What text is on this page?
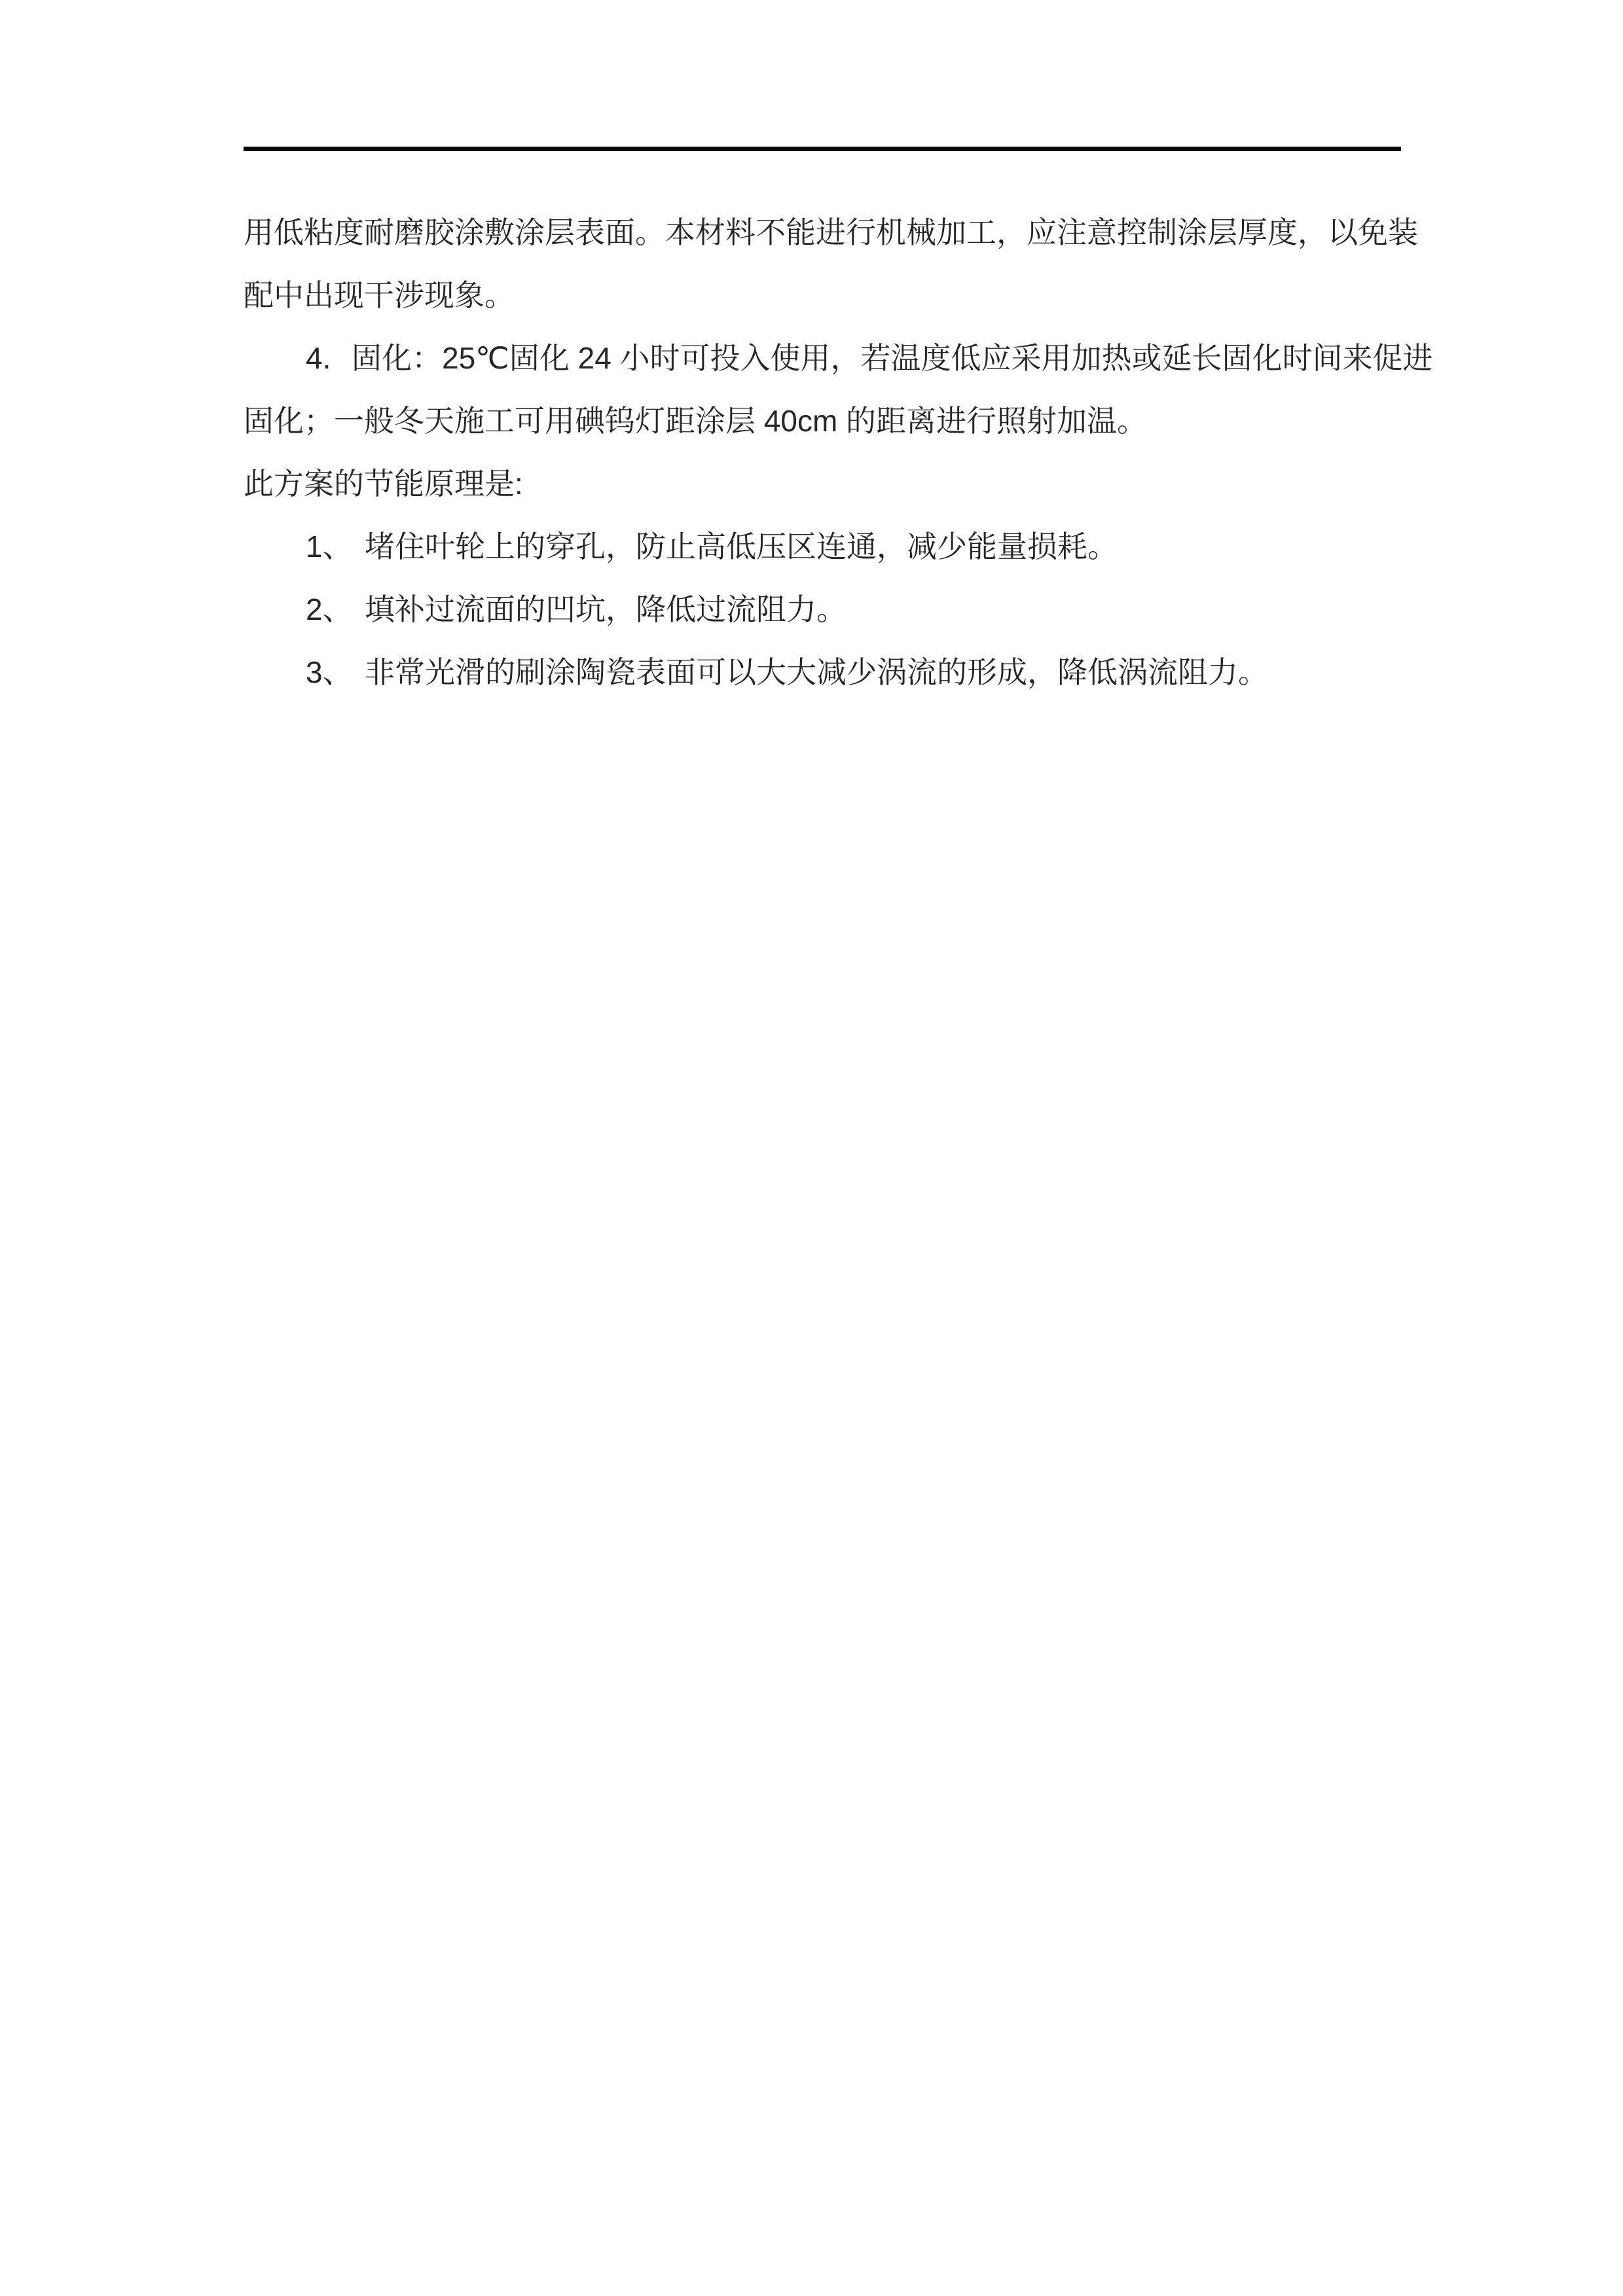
用低粘度耐磨胶涂敷涂层表面。本材料不能进行机械加工，应注意控制涂层厚度，以免装
配中出现干涉现象。
4. 固化：25℃固化 24 小时可投入使用，若温度低应采用加热或延长固化时间来促进
固化；一般冬天施工可用碘钨灯距涂层 40cm 的距离进行照射加温。
此方案的节能原理是:
1、 堵住叶轮上的穿孔，防止高低压区连通，减少能量损耗。
2、 填补过流面的凹坑，降低过流阻力。
3、 非常光滑的刷涂陶瓷表面可以大大减少涡流的形成，降低涡流阻力。
